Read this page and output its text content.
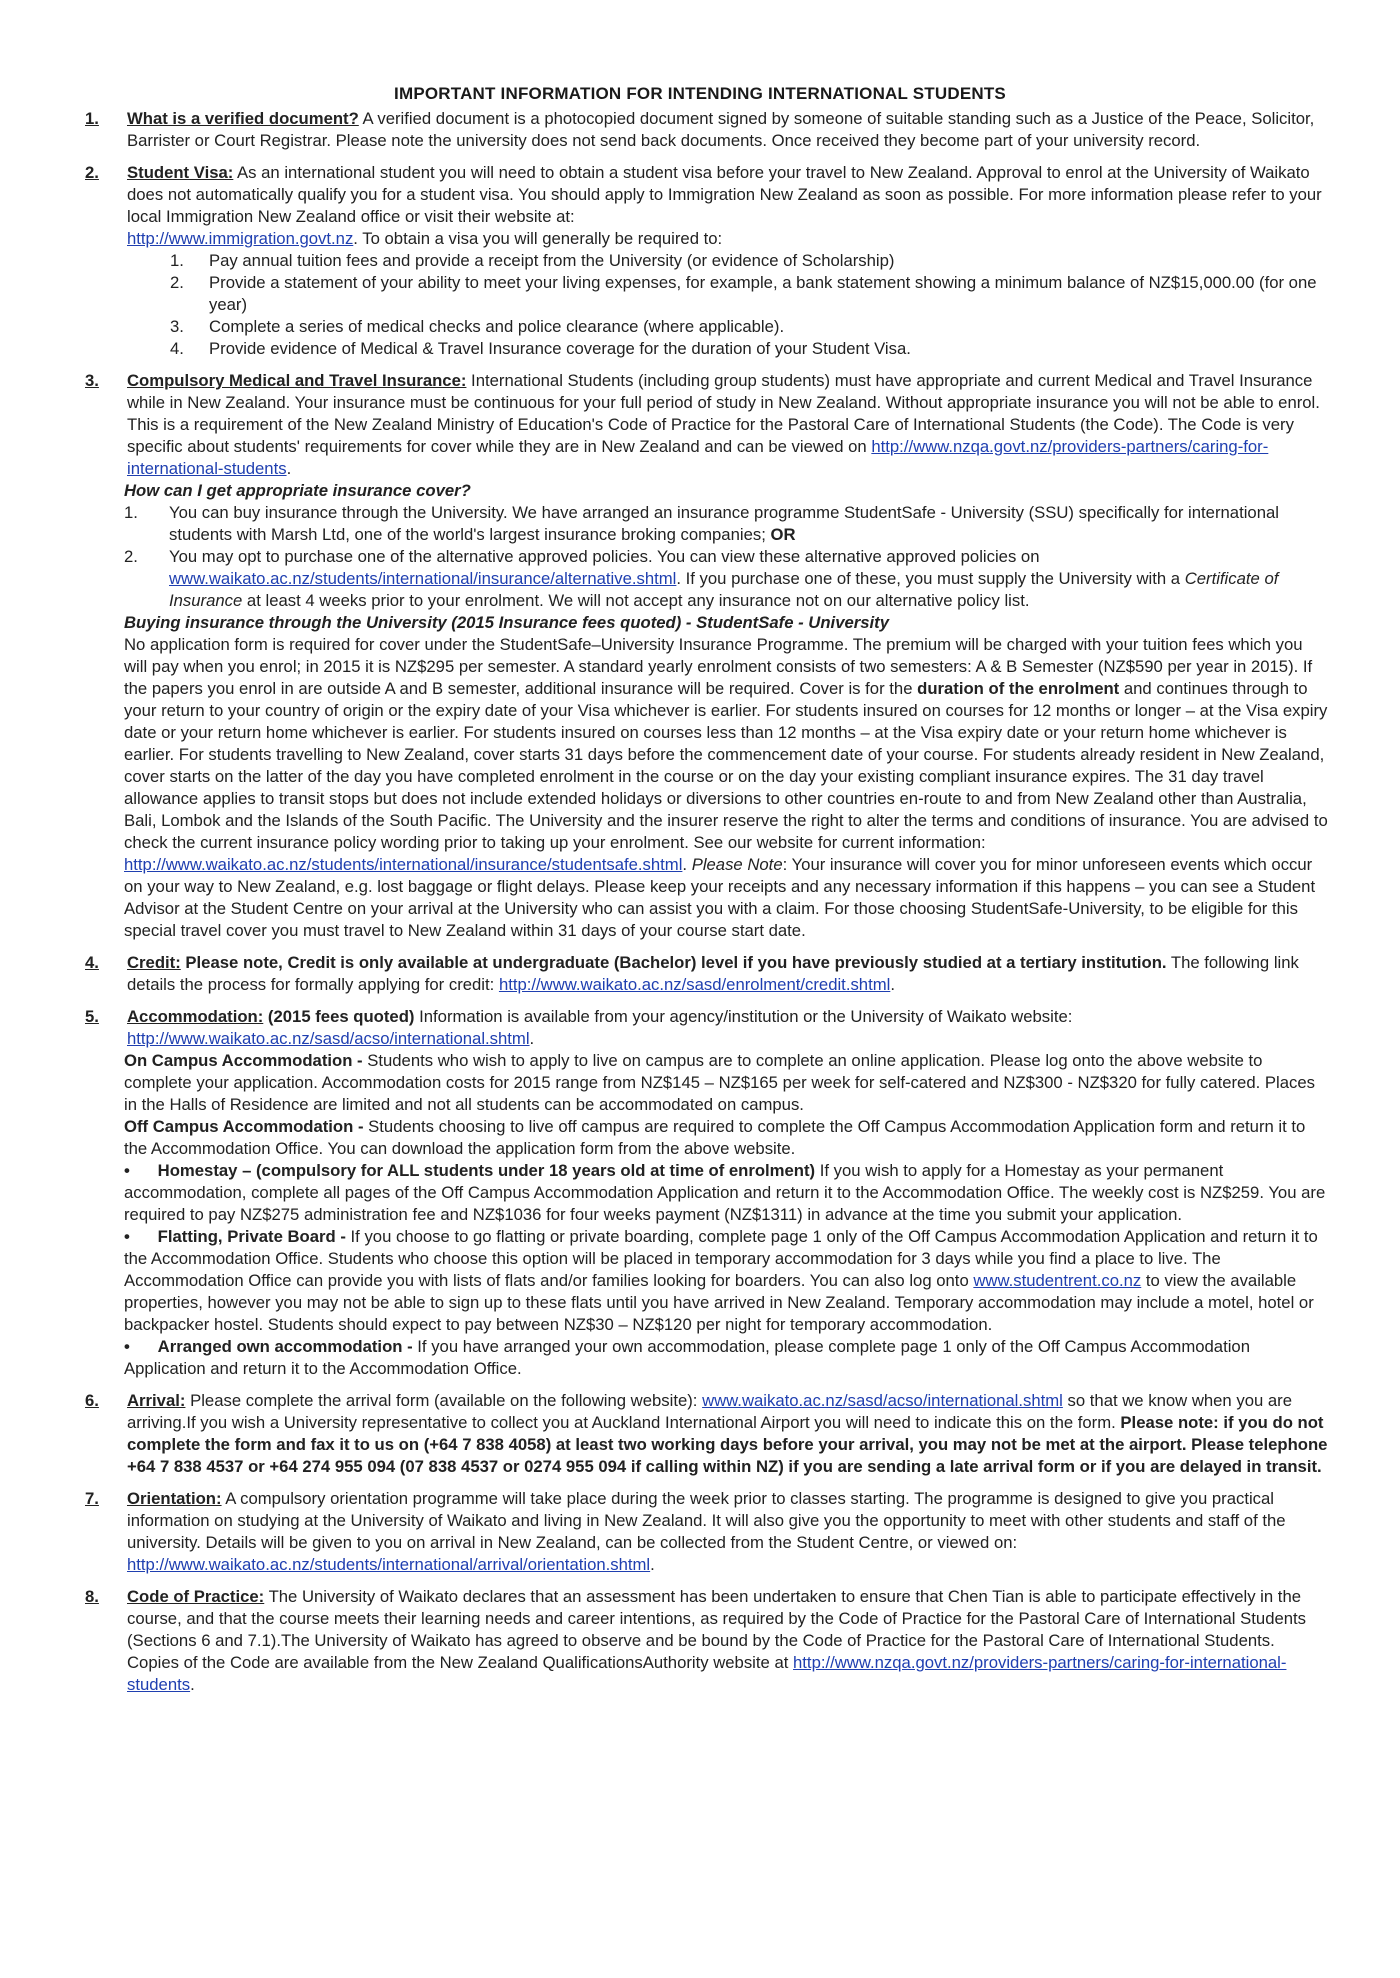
IMPORTANT INFORMATION FOR INTENDING INTERNATIONAL STUDENTS
1. What is a verified document? A verified document is a photocopied document signed by someone of suitable standing such as a Justice of the Peace, Solicitor, Barrister or Court Registrar. Please note the university does not send back documents. Once received they become part of your university record.
2. Student Visa: As an international student you will need to obtain a student visa before your travel to New Zealand. Approval to enrol at the University of Waikato does not automatically qualify you for a student visa. You should apply to Immigration New Zealand as soon as possible. For more information please refer to your local Immigration New Zealand office or visit their website at:
http://www.immigration.govt.nz. To obtain a visa you will generally be required to:
1. Pay annual tuition fees and provide a receipt from the University (or evidence of Scholarship)
2. Provide a statement of your ability to meet your living expenses, for example, a bank statement showing a minimum balance of NZ$15,000.00 (for one year)
3. Complete a series of medical checks and police clearance (where applicable).
4. Provide evidence of Medical & Travel Insurance coverage for the duration of your Student Visa.
3. Compulsory Medical and Travel Insurance: International Students (including group students) must have appropriate and current Medical and Travel Insurance while in New Zealand. Your insurance must be continuous for your full period of study in New Zealand. Without appropriate insurance you will not be able to enrol. This is a requirement of the New Zealand Ministry of Education's Code of Practice for the Pastoral Care of International Students (the Code). The Code is very specific about students' requirements for cover while they are in New Zealand and can be viewed on http://www.nzqa.govt.nz/providers-partners/caring-for-international-students.
How can I get appropriate insurance cover?
1. You can buy insurance through the University. We have arranged an insurance programme StudentSafe - University (SSU) specifically for international students with Marsh Ltd, one of the world's largest insurance broking companies; OR
2. You may opt to purchase one of the alternative approved policies. You can view these alternative approved policies on www.waikato.ac.nz/students/international/insurance/alternative.shtml. If you purchase one of these, you must supply the University with a Certificate of Insurance at least 4 weeks prior to your enrolment. We will not accept any insurance not on our alternative policy list.
Buying insurance through the University (2015 Insurance fees quoted) - StudentSafe - University
No application form is required for cover under the StudentSafe–University Insurance Programme. The premium will be charged with your tuition fees which you will pay when you enrol; in 2015 it is NZ$295 per semester. A standard yearly enrolment consists of two semesters: A & B Semester (NZ$590 per year in 2015). If the papers you enrol in are outside A and B semester, additional insurance will be required. Cover is for the duration of the enrolment and continues through to your return to your country of origin or the expiry date of your Visa whichever is earlier. For students insured on courses for 12 months or longer – at the Visa expiry date or your return home whichever is earlier. For students insured on courses less than 12 months – at the Visa expiry date or your return home whichever is earlier. For students travelling to New Zealand, cover starts 31 days before the commencement date of your course. For students already resident in New Zealand, cover starts on the latter of the day you have completed enrolment in the course or on the day your existing compliant insurance expires. The 31 day travel allowance applies to transit stops but does not include extended holidays or diversions to other countries en-route to and from New Zealand other than Australia, Bali, Lombok and the Islands of the South Pacific. The University and the insurer reserve the right to alter the terms and conditions of insurance. You are advised to check the current insurance policy wording prior to taking up your enrolment. See our website for current information: http://www.waikato.ac.nz/students/international/insurance/studentsafe.shtml. Please Note: Your insurance will cover you for minor unforeseen events which occur on your way to New Zealand, e.g. lost baggage or flight delays. Please keep your receipts and any necessary information if this happens – you can see a Student Advisor at the Student Centre on your arrival at the University who can assist you with a claim. For those choosing StudentSafe-University, to be eligible for this special travel cover you must travel to New Zealand within 31 days of your course start date.
4. Credit: Please note, Credit is only available at undergraduate (Bachelor) level if you have previously studied at a tertiary institution. The following link details the process for formally applying for credit: http://www.waikato.ac.nz/sasd/enrolment/credit.shtml.
5. Accommodation: (2015 fees quoted) Information is available from your agency/institution or the University of Waikato website: http://www.waikato.ac.nz/sasd/acso/international.shtml.
On Campus Accommodation - Students who wish to apply to live on campus are to complete an online application. Please log onto the above website to complete your application. Accommodation costs for 2015 range from NZ$145 – NZ$165 per week for self-catered and NZ$300 - NZ$320 for fully catered. Places in the Halls of Residence are limited and not all students can be accommodated on campus.
Off Campus Accommodation - Students choosing to live off campus are required to complete the Off Campus Accommodation Application form and return it to the Accommodation Office. You can download the application form from the above website.
•      Homestay – (compulsory for ALL students under 18 years old at time of enrolment) If you wish to apply for a Homestay as your permanent accommodation, complete all pages of the Off Campus Accommodation Application and return it to the Accommodation Office. The weekly cost is NZ$259. You are required to pay NZ$275 administration fee and NZ$1036 for four weeks payment (NZ$1311) in advance at the time you submit your application.
•      Flatting, Private Board - If you choose to go flatting or private boarding, complete page 1 only of the Off Campus Accommodation Application and return it to the Accommodation Office. Students who choose this option will be placed in temporary accommodation for 3 days while you find a place to live. The Accommodation Office can provide you with lists of flats and/or families looking for boarders. You can also log onto www.studentrent.co.nz to view the available properties, however you may not be able to sign up to these flats until you have arrived in New Zealand. Temporary accommodation may include a motel, hotel or backpacker hostel. Students should expect to pay between NZ$30 – NZ$120 per night for temporary accommodation.
•      Arranged own accommodation - If you have arranged your own accommodation, please complete page 1 only of the Off Campus Accommodation Application and return it to the Accommodation Office.
6. Arrival: Please complete the arrival form (available on the following website): www.waikato.ac.nz/sasd/acso/international.shtml so that we know when you are arriving.If you wish a University representative to collect you at Auckland International Airport you will need to indicate this on the form. Please note: if you do not complete the form and fax it to us on (+64 7 838 4058) at least two working days before your arrival, you may not be met at the airport. Please telephone +64 7 838 4537 or +64 274 955 094 (07 838 4537 or 0274 955 094 if calling within NZ) if you are sending a late arrival form or if you are delayed in transit.
7. Orientation: A compulsory orientation programme will take place during the week prior to classes starting. The programme is designed to give you practical information on studying at the University of Waikato and living in New Zealand. It will also give you the opportunity to meet with other students and staff of the university. Details will be given to you on arrival in New Zealand, can be collected from the Student Centre, or viewed on: http://www.waikato.ac.nz/students/international/arrival/orientation.shtml.
8. Code of Practice: The University of Waikato declares that an assessment has been undertaken to ensure that Chen Tian is able to participate effectively in the course, and that the course meets their learning needs and career intentions, as required by the Code of Practice for the Pastoral Care of International Students (Sections 6 and 7.1).The University of Waikato has agreed to observe and be bound by the Code of Practice for the Pastoral Care of International Students. Copies of the Code are available from the New Zealand QualificationsAuthority website at http://www.nzqa.govt.nz/providers-partners/caring-for-international-students.
